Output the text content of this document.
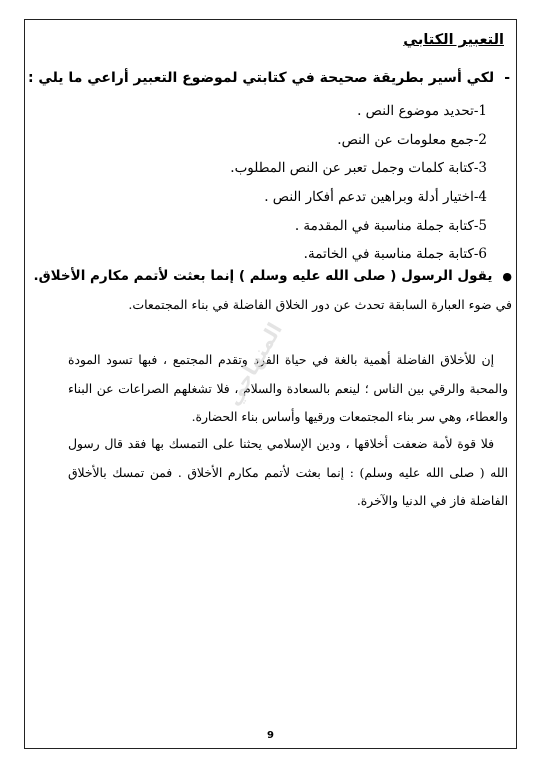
التعبير الكتابي
-لكي أسير بطريقة صحيحة في كتابتي لموضوع التعبير أراعي ما يلي :
1-تحديد موضوع النص .
2-جمع معلومات عن النص.
3-كتابة كلمات وجمل تعبر عن النص المطلوب.
4-اختيار أدلة وبراهين تدعم أفكار النص .
5-كتابة جملة مناسبة في المقدمة .
6-كتابة جملة مناسبة في الخاتمة.
●يقول الرسول ( صلى الله عليه وسلم ) إنما بعثت لأتمم مكارم الأخلاق.
في ضوء العبارة السابقة تحدث عن دور الخلاق الفاضلة في بناء المجتمعات.

إن للأخلاق الفاضلة أهمية بالغة في حياة الفرد وتقدم المجتمع ، فبها تسود المودة والمحبة والرقي بين الناس ؛ لينعم بالسعادة والسلام ، فلا تشغلهم الصراعات عن البناء والعطاء، وهي سر بناء المجتمعات ورقيها وأساس بناء الحضارة.

فلا قوة لأمة ضعفت أخلاقها ، ودين الإسلامي يحثنا على التمسك بها فقد قال رسول الله ( صلى الله عليه وسلم) : إنما بعثت لأتمم مكارم الأخلاق . فمن تمسك بالأخلاق الفاضلة فاز في الدنيا والآخرة.

المنهاجي
9
